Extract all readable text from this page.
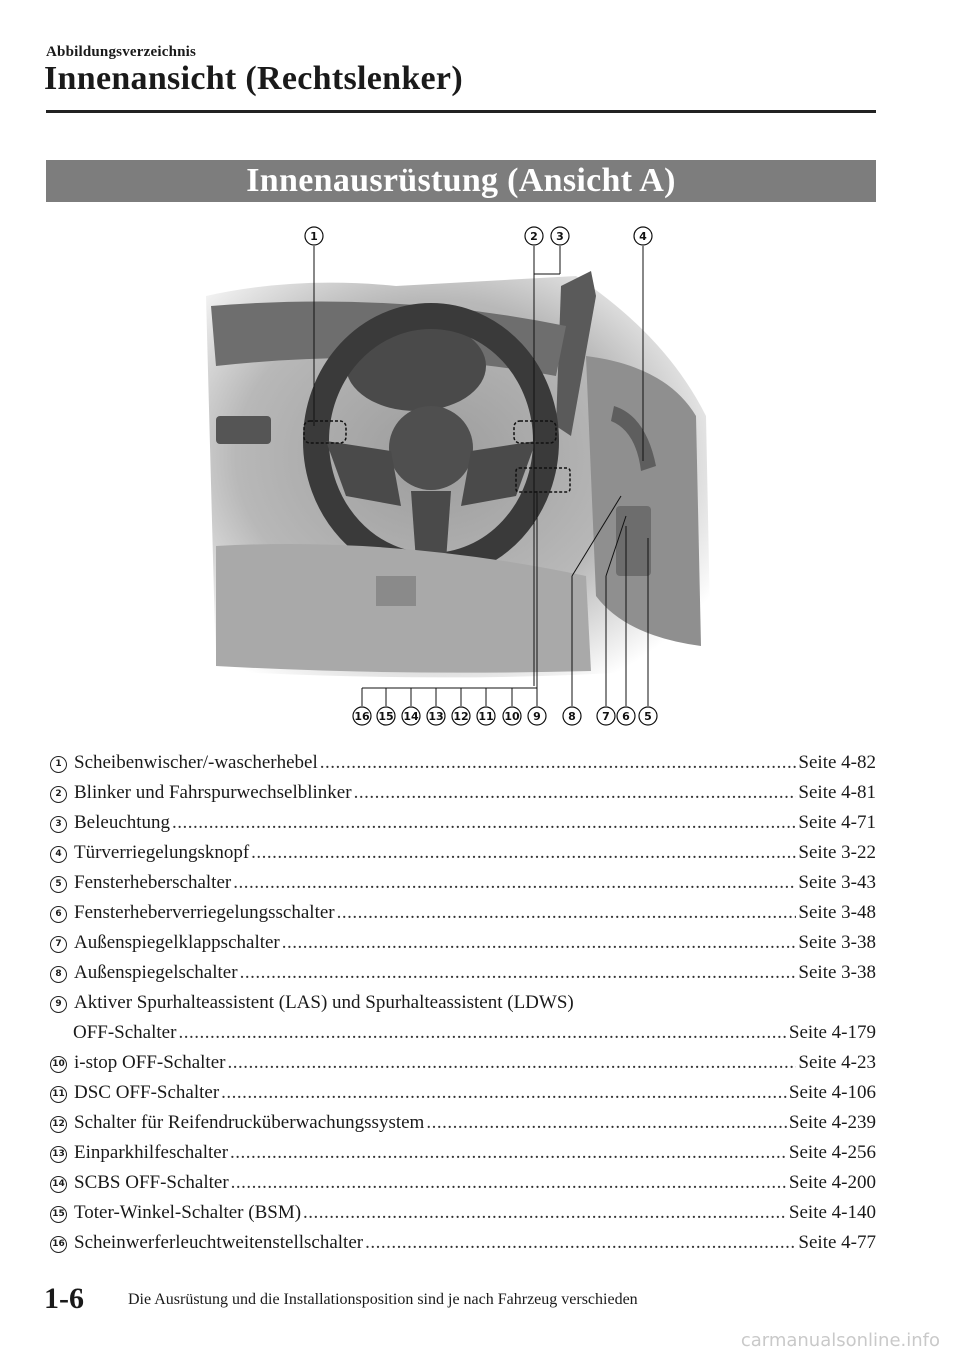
Abbildungsverzeichnis
Innenansicht (Rechtslenker)
Innenausrüstung (Ansicht A)
1	2 3	4
16 15 14 13 12 11 10 9 8 7 6 5
1 Scheibenwischer/-wascherhebel .....	Seite 4-82
2 Blinker und Fahrspurwechselblinker .....	Seite 4-81
3 Beleuchtung .....	Seite 4-71
4 Türverriegelungsknopf .....	Seite 3-22
5 Fensterheberschalter .....	Seite 3-43
6 Fensterheberverriegelungsschalter .....	Seite 3-48
7 Außenspiegelklappschalter .....	Seite 3-38
8 Außenspiegelschalter .....	Seite 3-38
9 Aktiver Spurhalteassistent (LAS) und Spurhalteassistent (LDWS)
OFF-Schalter .....	Seite 4-179
10 i-stop OFF-Schalter .....	Seite 4-23
11 DSC OFF-Schalter .....	Seite 4-106
12 Schalter für Reifendrucküberwachungssystem .....	Seite 4-239
13 Einparkhilfeschalter .....	Seite 4-256
14 SCBS OFF-Schalter .....	Seite 4-200
15 Toter-Winkel-Schalter (BSM) .....	Seite 4-140
16 Scheinwerferleuchtweitenstellschalter .....	Seite 4-77
1-6	Die Ausrüstung und die Installationsposition sind je nach Fahrzeug verschieden
carmanualsonline.info
